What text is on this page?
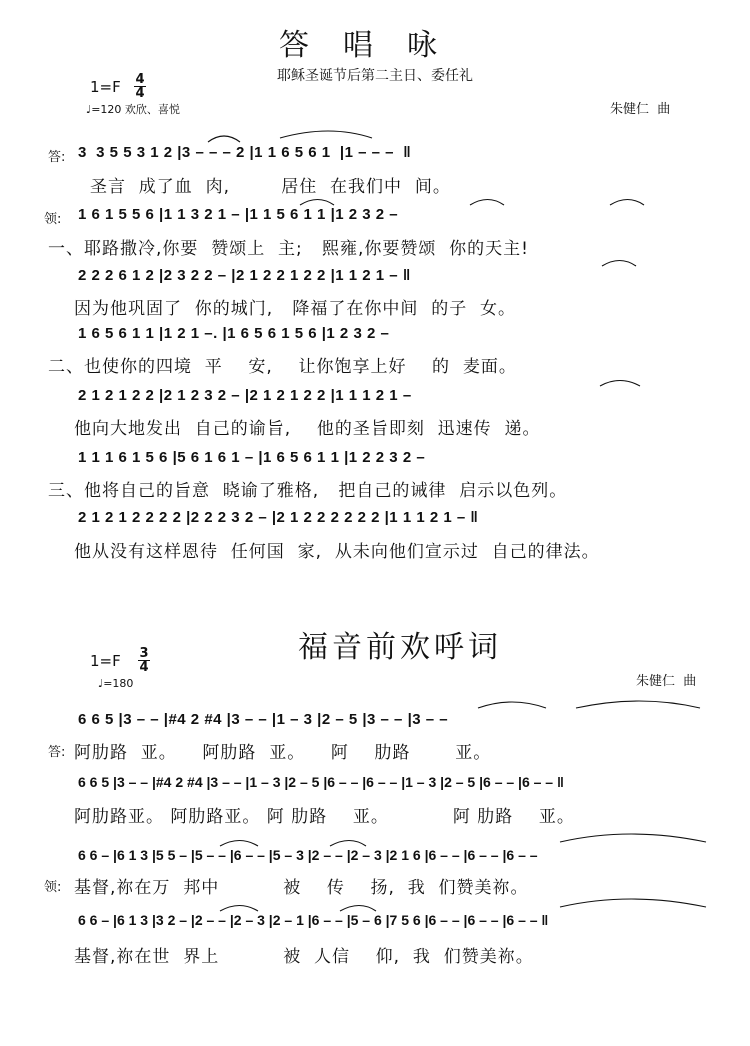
答唱咏
耶稣圣诞节后第二主日、委任礼
1=F 4
4
♩=120 欢欣、喜悦	朱健仁  曲
答: 3  3 5 5 3 1 2 |3 – – – 2 |1 1 6 5 6 1  |1 – – –  ‖
圣言  成了血  肉,        居住  在我们中  间。
领: 1 6 1 5 5 6 |1 1 3 2 1 – |1 1 5 6 1 1 |1 2 3 2 –
一、耶路撒冷,你要  赞颂上  主;   熙雍,你要赞颂  你的天主!
2 2 2 6 1 2 |2 3 2 2 – |2 1 2 2 1 2 2 |1 1 2 1 – ‖
因为他巩固了  你的城门,   降福了在你中间  的子  女。
1 6 5 6 1 1 |1 2 1 –. |1 6 5 6 1 5 6 |1 2 3 2 –
二、也使你的四境  平    安,    让你饱享上好    的  麦面。
2 1 2 1 2 2 |2 1 2 3 2 – |2 1 2 1 2 2 |1 1 1 2 1 –
他向大地发出  自己的谕旨,    他的圣旨即刻  迅速传  递。
1 1 1 6 1 5 6 |5 6 1 6 1 – |1 6 5 6 1 1 |1 2 2 3 2 –
三、他将自己的旨意  晓谕了雅格,   把自己的诫律  启示以色列。
2 1 2 1 2 2 2 2 |2 2 2 3 2 – |2 1 2 2 2 2 2 2 |1 1 1 2 1 – ‖
他从没有这样恩待  任何国  家,  从未向他们宣示过  自己的律法。
福音前欢呼词
1=F 3
4
♩=180	朱健仁  曲
6 6 5 |3 – – |#4 2 #4 |3 – – |1 – 3 |2 – 5 |3 – – |3 – –
答: 阿肋路  亚。    阿肋路  亚。    阿    肋路       亚。
6 6 5 |3 – – |#4 2 #4 |3 – – |1 – 3 |2 – 5 |6 – – |6 – – |1 – 3 |2 – 5 |6 – – |6 – – ‖
阿肋路亚。 阿肋路亚。 阿 肋路    亚。          阿 肋路    亚。
6 6 – |6 1 3 |5 5 – |5 – – |6 – – |5 – 3 |2 – – |2 – 3 |2 1 6 |6 – – |6 – – |6 – –
领: 基督,祢在万  邦中          被    传    扬,  我  们赞美祢。
6 6 – |6 1 3 |3 2 – |2 – – |2 – 3 |2 – 1 |6 – – |5 – 6 |7 5 6 |6 – – |6 – – |6 – – ‖
基督,祢在世  界上          被  人信    仰,  我  们赞美祢。
